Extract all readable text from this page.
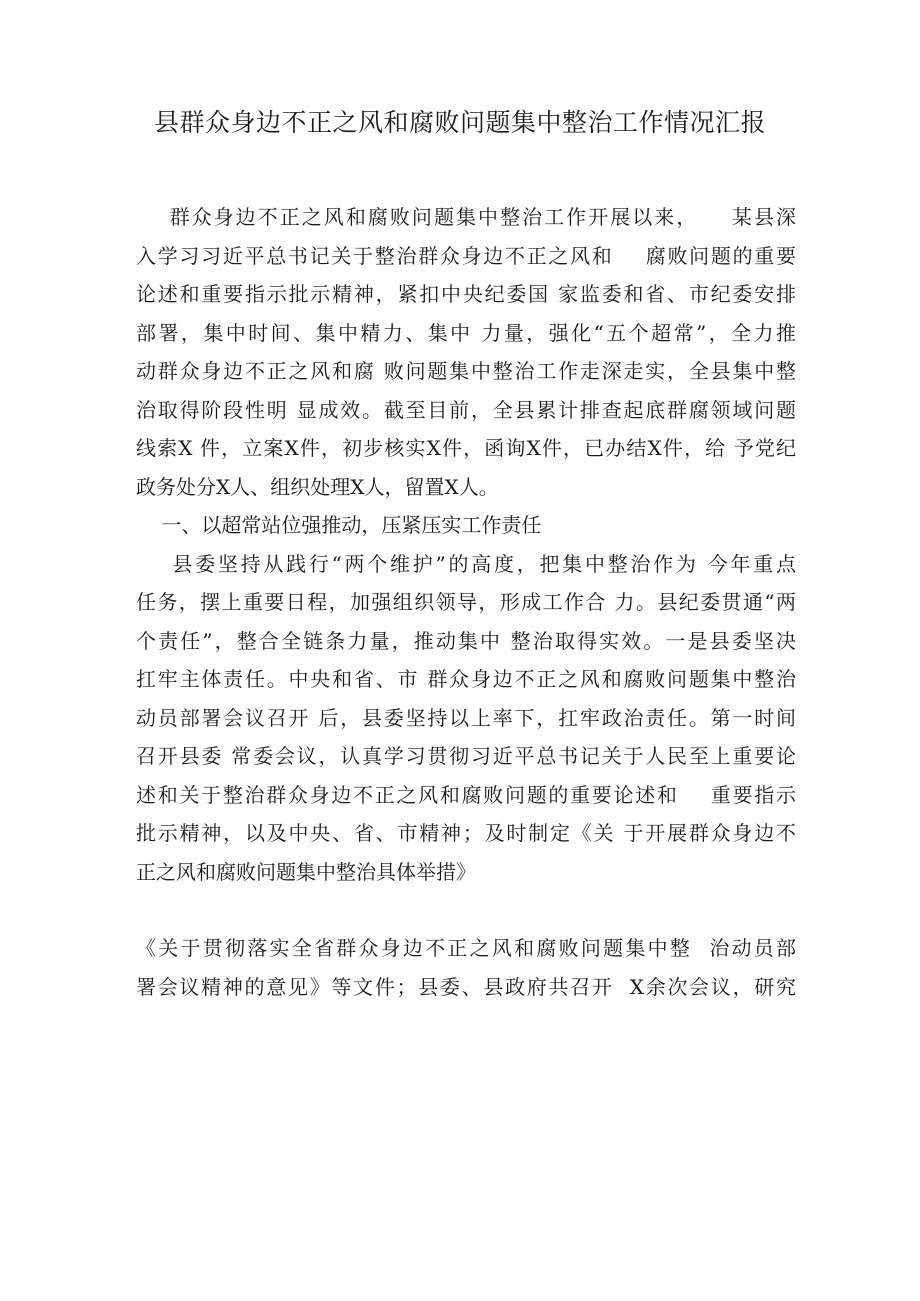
县群众身边不正之风和腐败问题集中整治工作情况汇报
群众身边不正之风和腐败问题集中整治工作开展以来，    某县深
入学习习近平总书记关于整治群众身边不正之风和    腐败问题的重要
论述和重要指示批示精神，紧扣中央纪委国 家监委和省、市纪委安排
部署，集中时间、集中精力、集中 力量，强化“五个超常”，全力推
动群众身边不正之风和腐 败问题集中整治工作走深走实，全县集中整
治取得阶段性明 显成效。截至目前，全县累计排查起底群腐领域问题
线索X 件，立案X件，初步核实X件，函询X件，已办结X件，给 予党纪
政务处分X人、组织处理X人，留置X人。
一、以超常站位强推动，压紧压实工作责任
县委坚持从践行“两个维护”的高度，把集中整治作为 今年重点
任务，摆上重要日程，加强组织领导，形成工作合 力。县纪委贯通“两
个责任”，整合全链条力量，推动集中 整治取得实效。一是县委坚决
扛牢主体责任。中央和省、市 群众身边不正之风和腐败问题集中整治
动员部署会议召开 后，县委坚持以上率下，扛牢政治责任。第一时间
召开县委 常委会议，认真学习贯彻习近平总书记关于人民至上重要论
述和关于整治群众身边不正之风和腐败问题的重要论述和    重要指示
批示精神，以及中央、省、市精神；及时制定《关 于开展群众身边不
正之风和腐败问题集中整治具体举措》
《关于贯彻落实全省群众身边不正之风和腐败问题集中整  治动员部
署会议精神的意见》等文件；县委、县政府共召开  X余次会议，研究
